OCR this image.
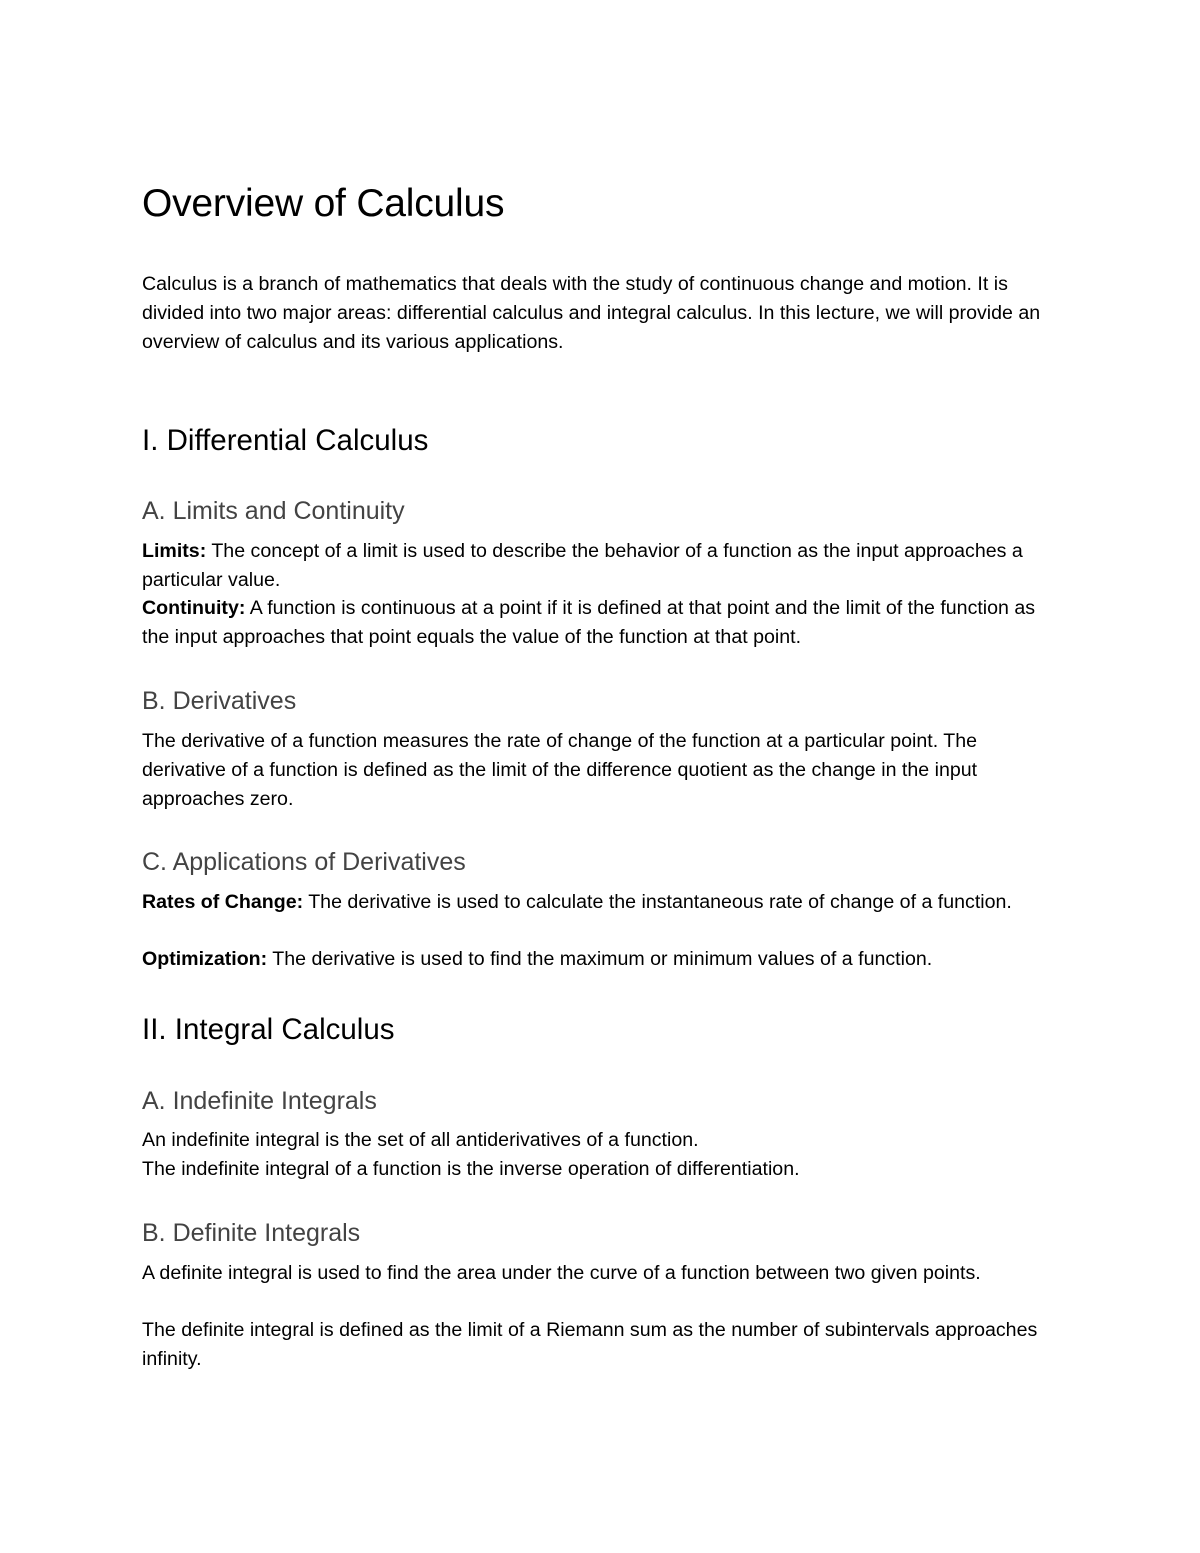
Overview of Calculus

Calculus is a branch of mathematics that deals with the study of continuous change and motion. It is divided into two major areas: differential calculus and integral calculus. In this lecture, we will provide an overview of calculus and its various applications.

I. Differential Calculus
A. Limits and Continuity

Limits: The concept of a limit is used to describe the behavior of a function as the input approaches a particular value.

Continuity: A function is continuous at a point if it is defined at that point and the limit of the function as the input approaches that point equals the value of the function at that point.

B. Derivatives

The derivative of a function measures the rate of change of the function at a particular point. The derivative of a function is defined as the limit of the difference quotient as the change in the input approaches zero.

C. Applications of Derivatives

Rates of Change: The derivative is used to calculate the instantaneous rate of change of a function.

Optimization: The derivative is used to find the maximum or minimum values of a function.

II. Integral Calculus
A. Indefinite Integrals

An indefinite integral is the set of all antiderivatives of a function.

The indefinite integral of a function is the inverse operation of differentiation.

B. Definite Integrals

A definite integral is used to find the area under the curve of a function between two given points.

The definite integral is defined as the limit of a Riemann sum as the number of subintervals approaches infinity.
